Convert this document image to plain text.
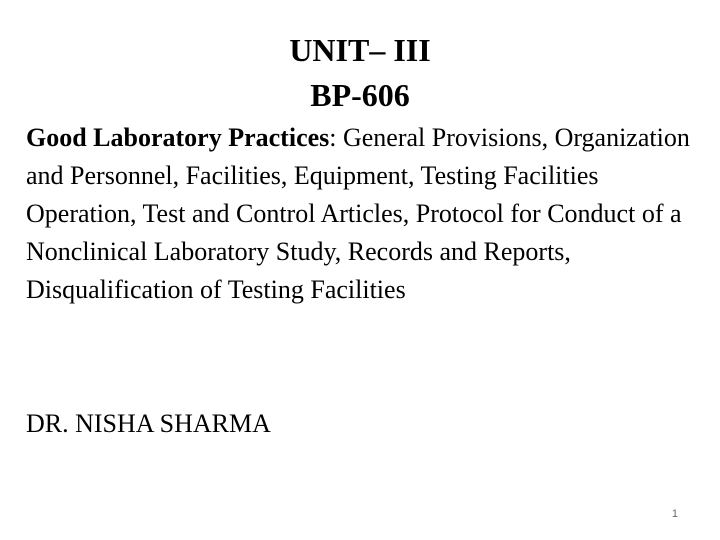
UNIT– III
BP-606
Good Laboratory Practices: General Provisions, Organization and Personnel, Facilities, Equipment, Testing Facilities Operation, Test and Control Articles, Protocol for Conduct of a Nonclinical Laboratory Study, Records and Reports, Disqualification of Testing Facilities
DR. NISHA SHARMA
1
